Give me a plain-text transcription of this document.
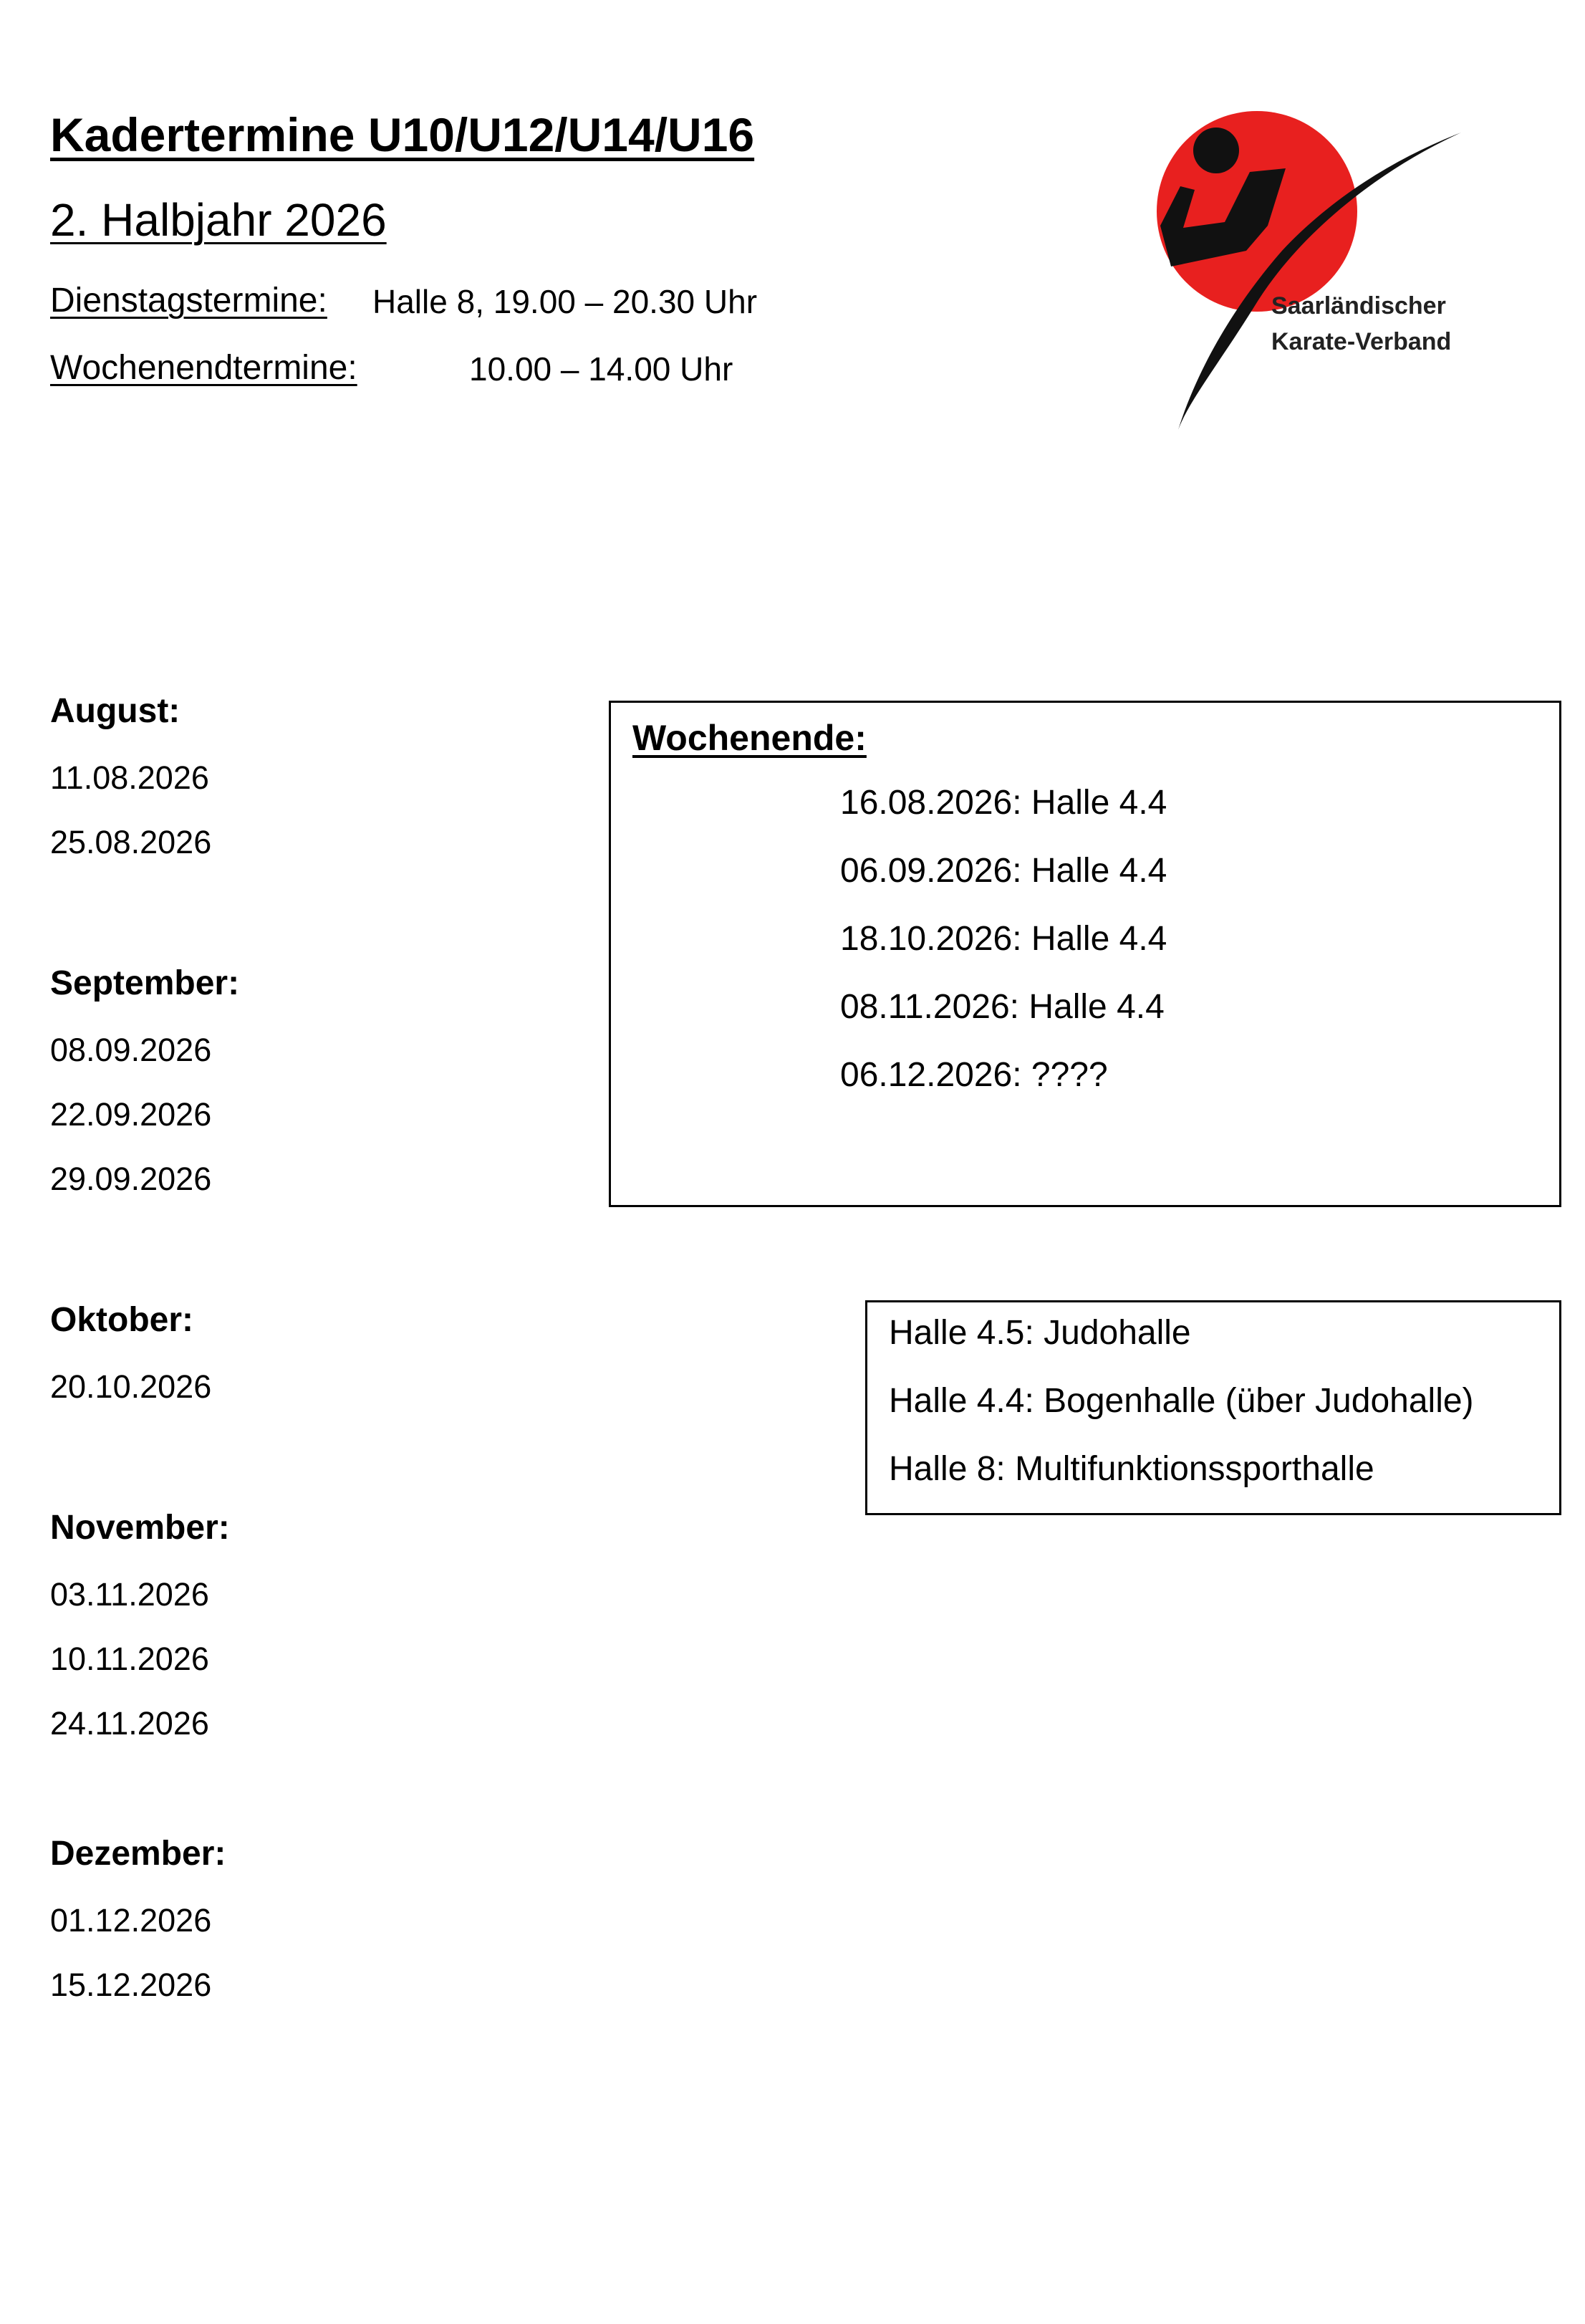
Kadertermine U10/U12/U14/U16
2. Halbjahr 2026
Dienstagstermine: Halle 8, 19.00 – 20.30 Uhr
Wochenendtermine:	10.00 – 14.00 Uhr
Saarländischer
Karate-Verband
August:
11.08.2026
25.08.2026
September:
08.09.2026
22.09.2026
29.09.2026
Oktober:
20.10.2026
November:
03.11.2026
10.11.2026
24.11.2026
Dezember:
01.12.2026
15.12.2026
Wochenende:
16.08.2026: Halle 4.4
06.09.2026: Halle 4.4
18.10.2026: Halle 4.4
08.11.2026: Halle 4.4
06.12.2026: ????
Halle 4.5: Judohalle
Halle 4.4: Bogenhalle (über Judohalle)
Halle 8: Multifunktionssporthalle
